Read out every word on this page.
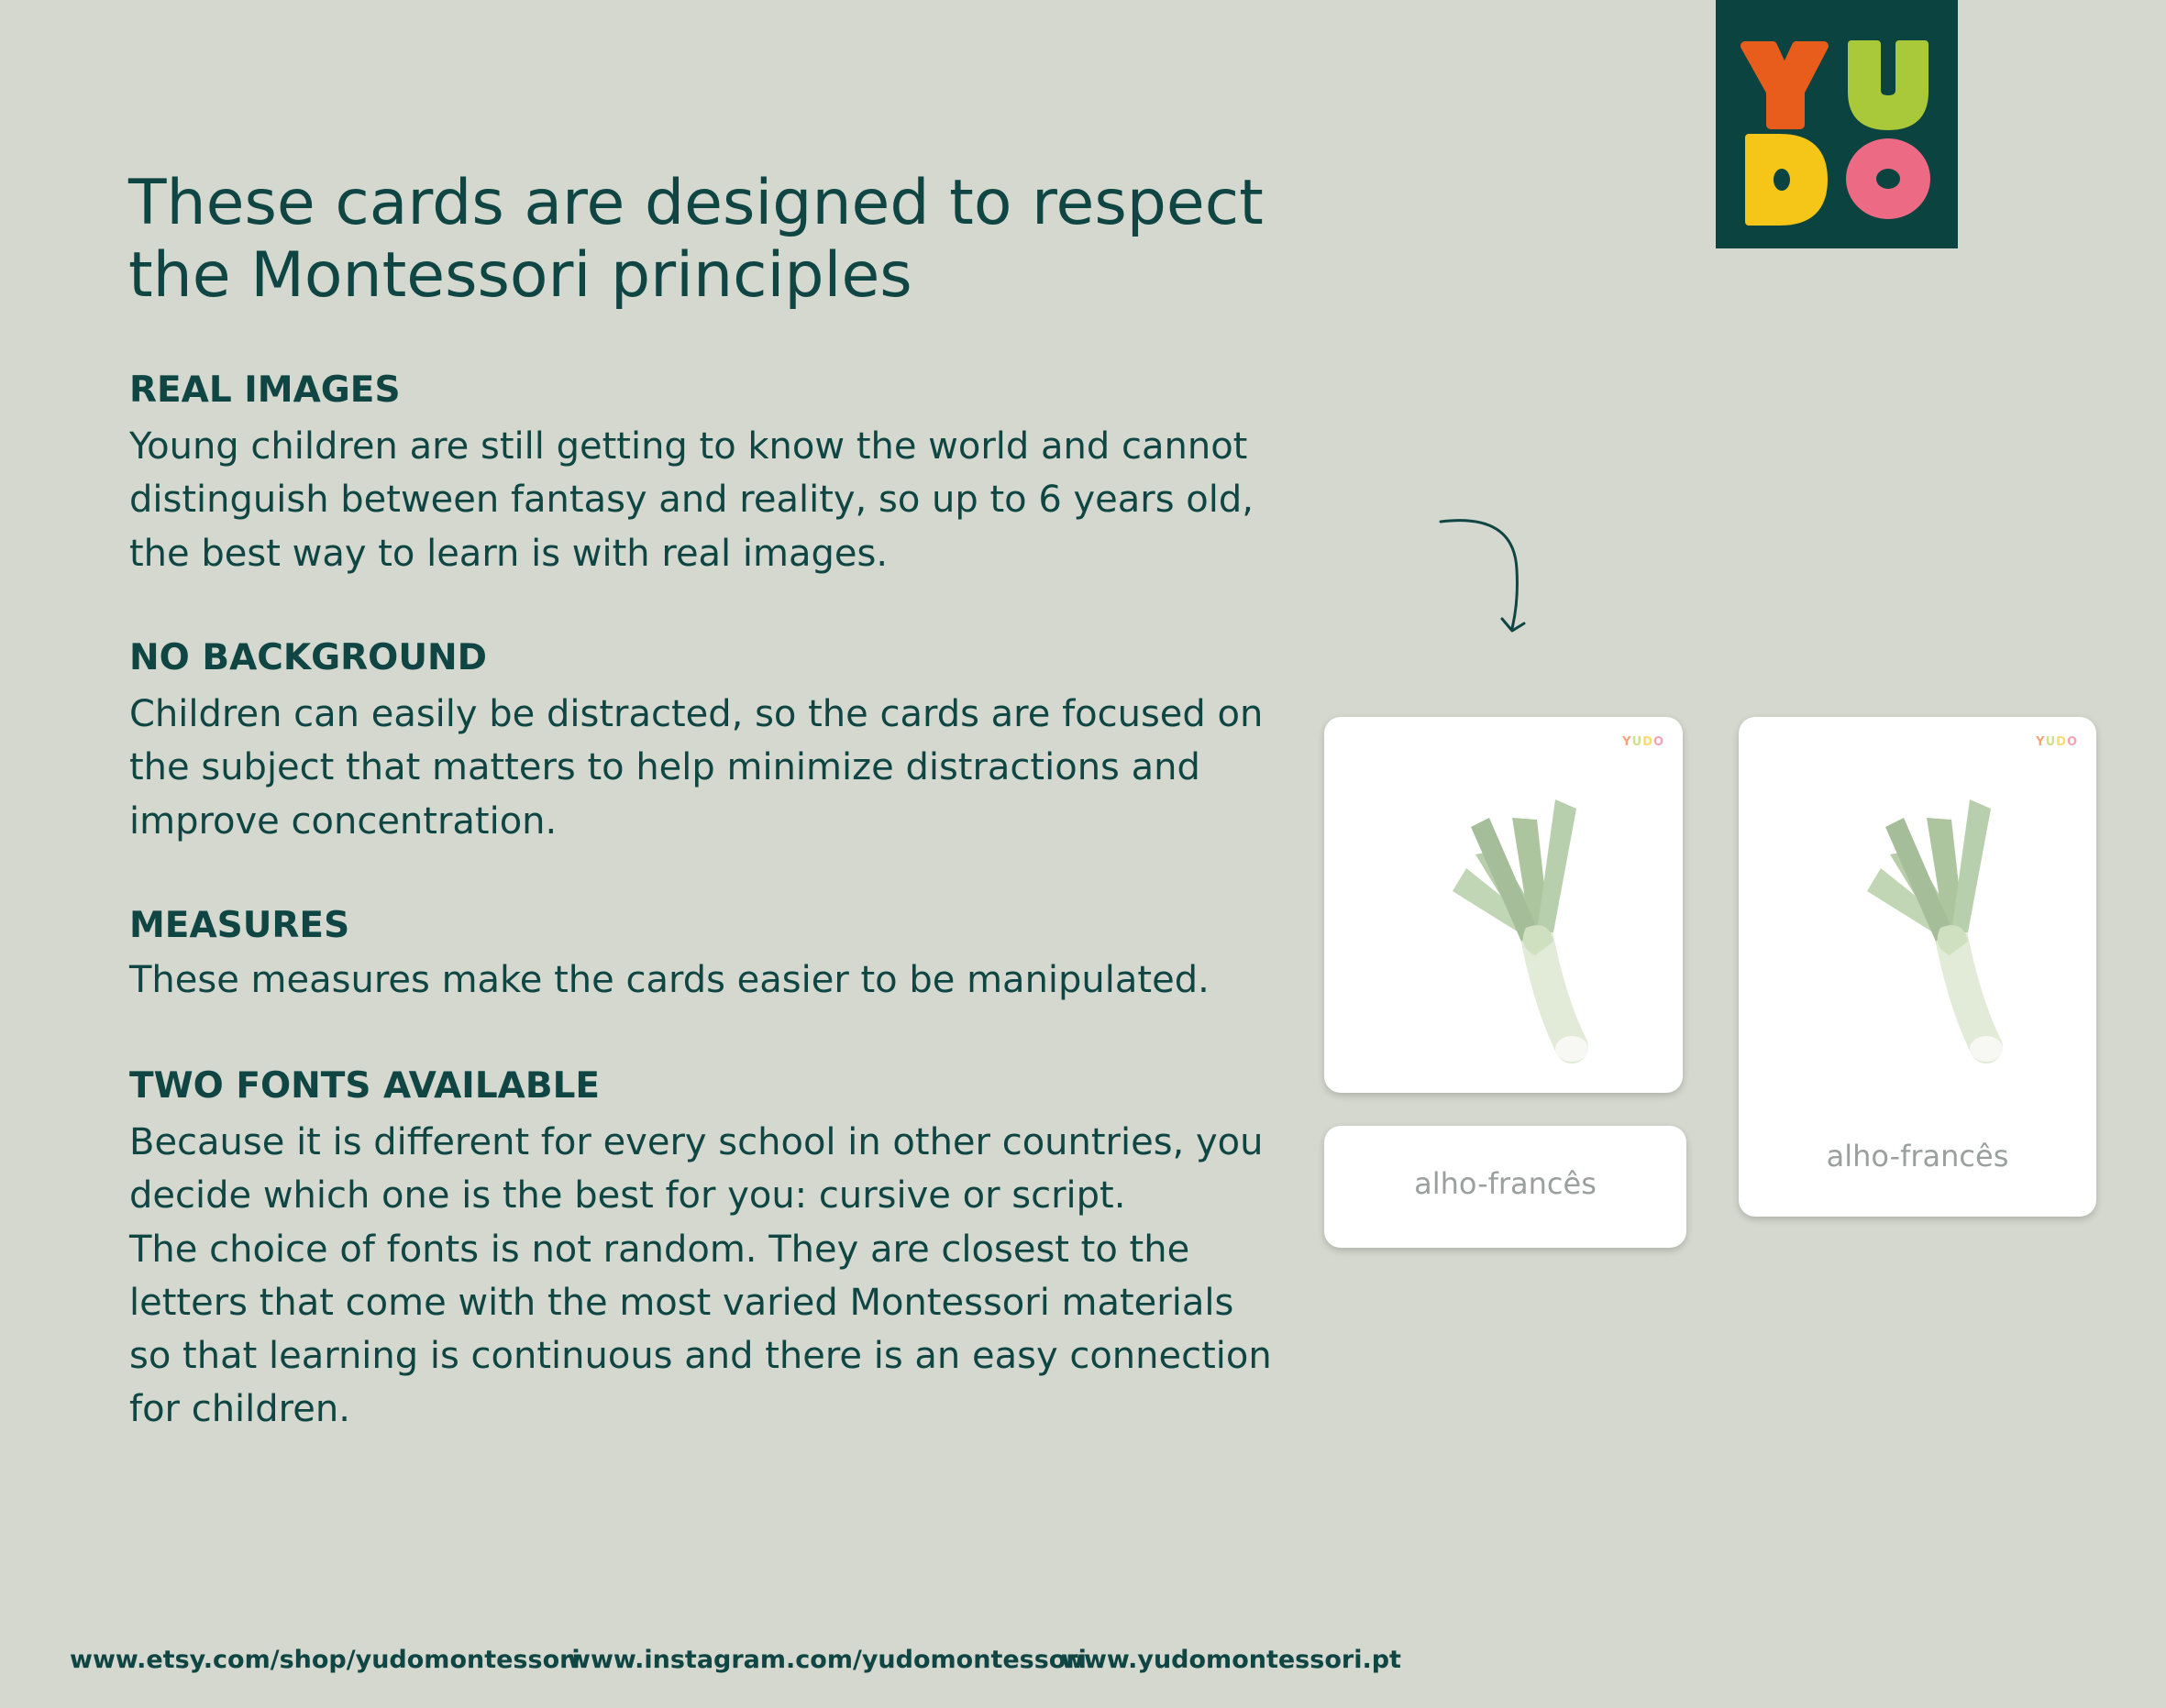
These cards are designed to respect the Montessori principles
REAL IMAGES

Young children are still getting to know the world and cannot distinguish between fantasy and reality, so up to 6 years old, the best way to learn is with real images.

NO BACKGROUND

Children can easily be distracted, so the cards are focused on the subject that matters to help minimize distractions and improve concentration.

MEASURES

These measures make the cards easier to be manipulated.

TWO FONTS AVAILABLE
Because it is different for every school in other countries, you decide which one is the best for you: cursive or script.
The choice of fonts is not random. They are closest to the letters that come with the most varied Montessori materials so that learning is continuous and there is an easy connection for children.
YUDO
alho-francês
YUDO
alho-francês

www.etsy.com/shop/yudomontessori

www.instagram.com/yudomontessori

www.yudomontessori.pt
